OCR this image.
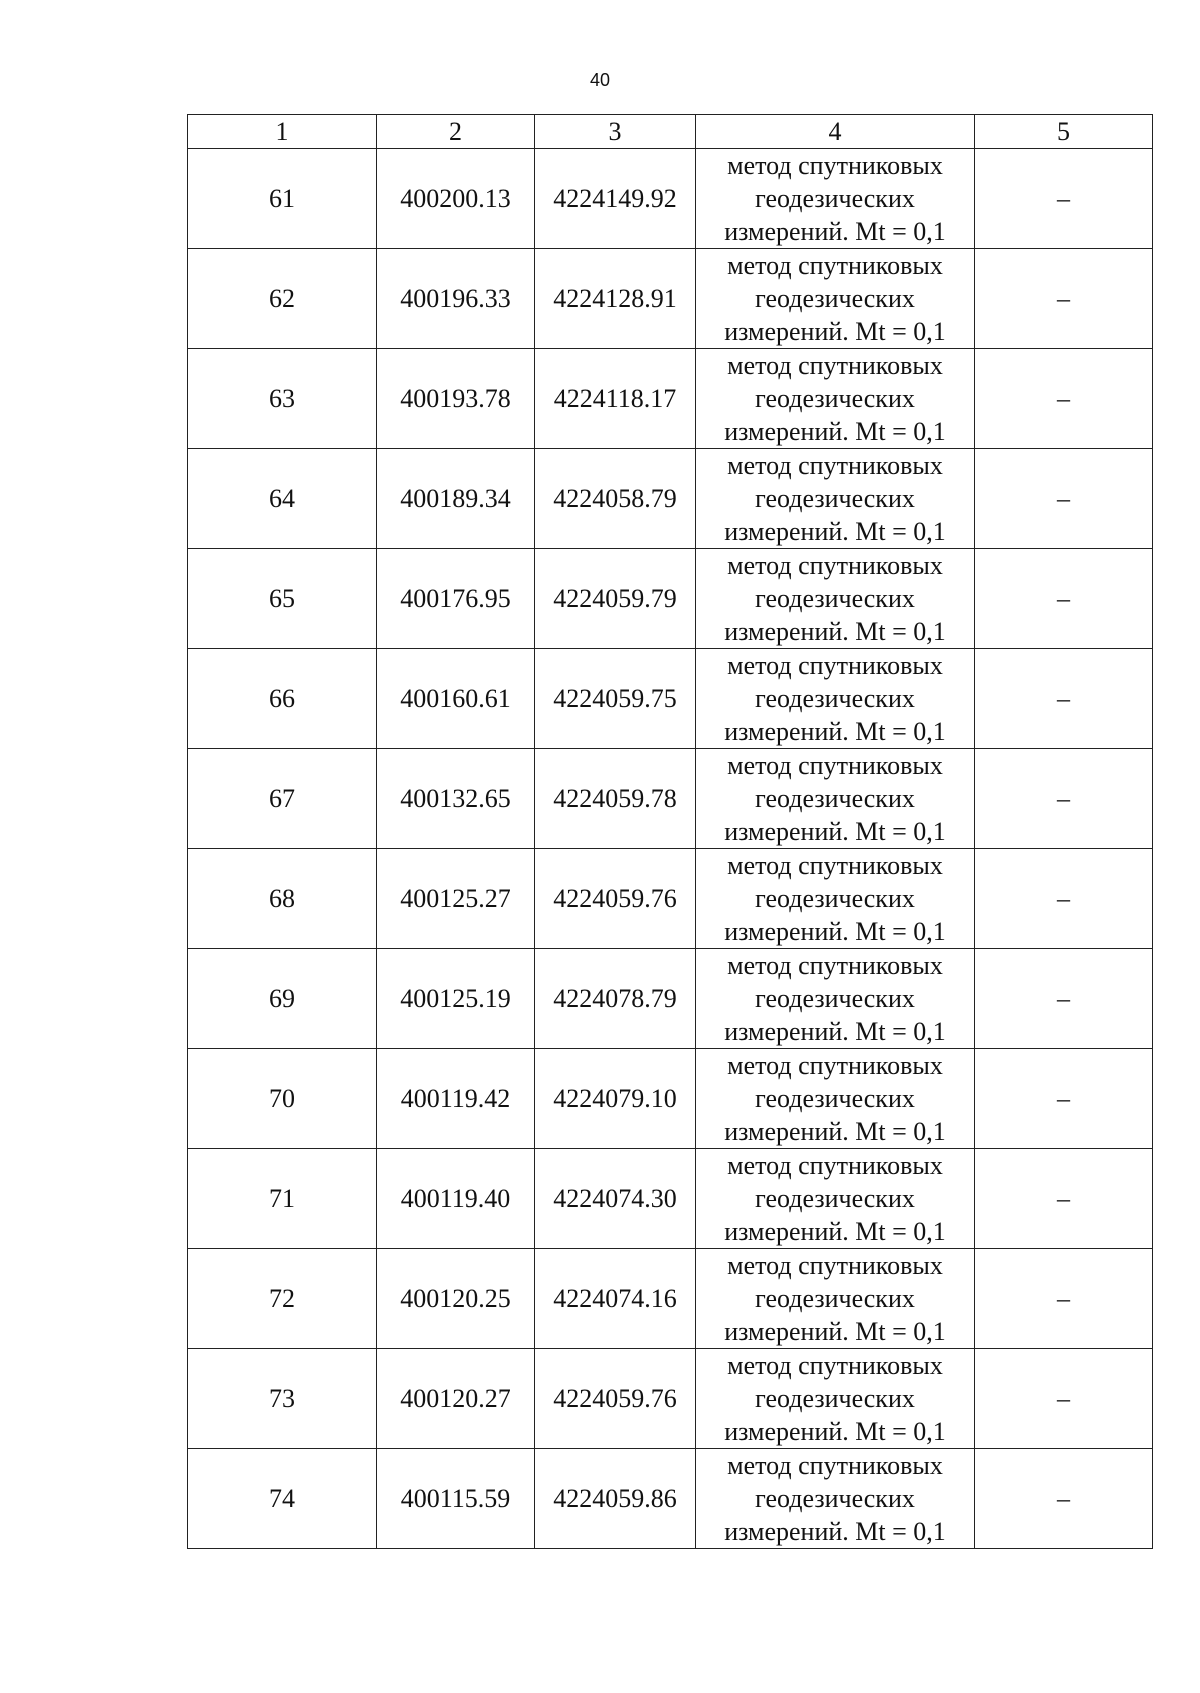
40
1	2	3	4	5
61	400200.13	4224149.92	метод спутниковых
геодезических
измерений. Mt = 0,1	–
62	400196.33	4224128.91	метод спутниковых
геодезических
измерений. Mt = 0,1	–
63	400193.78	4224118.17	метод спутниковых
геодезических
измерений. Mt = 0,1	–
64	400189.34	4224058.79	метод спутниковых
геодезических
измерений. Mt = 0,1	–
65	400176.95	4224059.79	метод спутниковых
геодезических
измерений. Mt = 0,1	–
66	400160.61	4224059.75	метод спутниковых
геодезических
измерений. Mt = 0,1	–
67	400132.65	4224059.78	метод спутниковых
геодезических
измерений. Mt = 0,1	–
68	400125.27	4224059.76	метод спутниковых
геодезических
измерений. Mt = 0,1	–
69	400125.19	4224078.79	метод спутниковых
геодезических
измерений. Mt = 0,1	–
70	400119.42	4224079.10	метод спутниковых
геодезических
измерений. Mt = 0,1	–
71	400119.40	4224074.30	метод спутниковых
геодезических
измерений. Mt = 0,1	–
72	400120.25	4224074.16	метод спутниковых
геодезических
измерений. Mt = 0,1	–
73	400120.27	4224059.76	метод спутниковых
геодезических
измерений. Mt = 0,1	–
74	400115.59	4224059.86	метод спутниковых
геодезических
измерений. Mt = 0,1	–
